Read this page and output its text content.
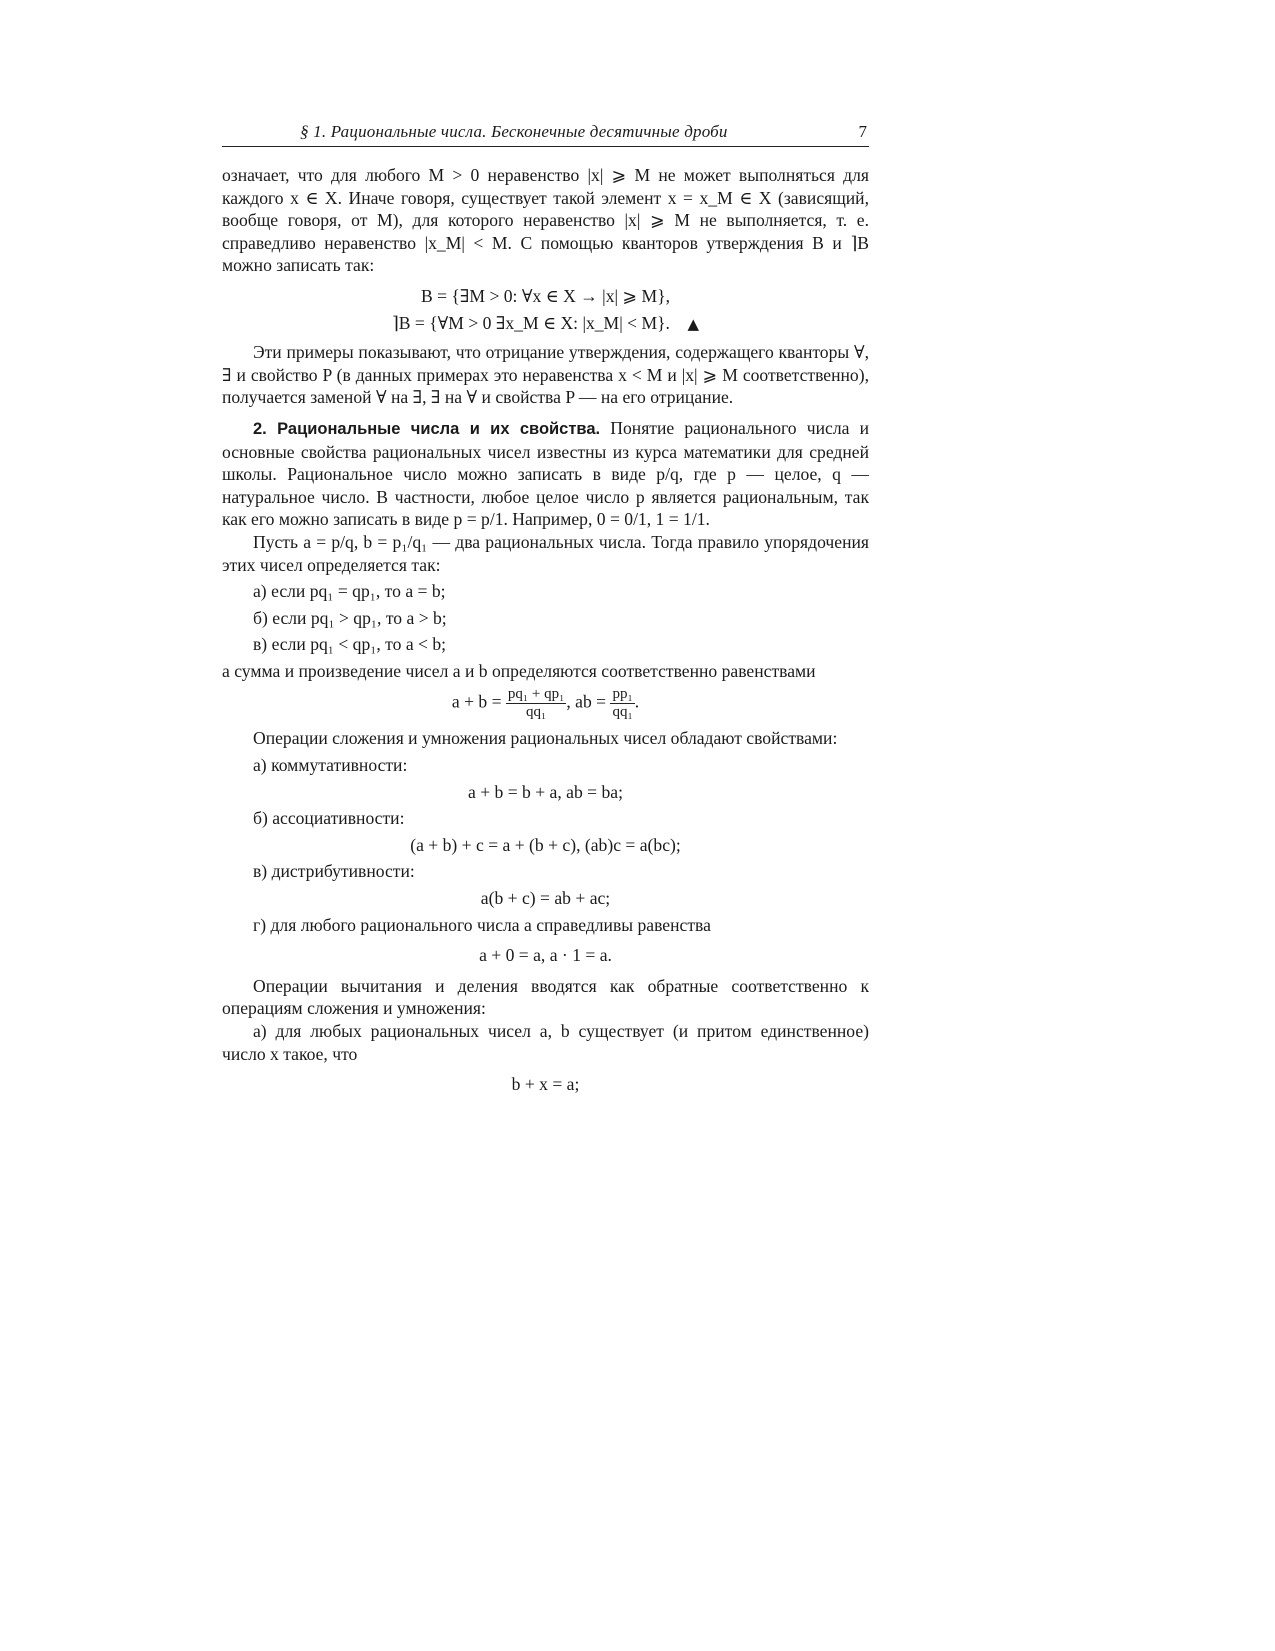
§ 1. Рациональные числа. Бесконечные десятичные дроби	7

означает, что для любого M > 0 неравенство |x| ⩾ M не может выполняться для каждого x ∈ X. Иначе говоря, существует такой элемент x = x_M ∈ X (зависящий, вообще говоря, от M), для которого неравенство |x| ⩾ M не выполняется, т. е. справедливо неравенство |x_M| < M. С помощью кванторов утверждения B и ⌉B можно записать так:

B = {∃M > 0: ∀x ∈ X → |x| ⩾ M},
⌉B = {∀M > 0 ∃x_M ∈ X: |x_M| < M}. ▲

Эти примеры показывают, что отрицание утверждения, содержащего кванторы ∀, ∃ и свойство P (в данных примерах это неравенства x < M и |x| ⩾ M соответственно), получается заменой ∀ на ∃, ∃ на ∀ и свойства P — на его отрицание.

2. Рациональные числа и их свойства. Понятие рационального числа и основные свойства рациональных чисел известны из курса математики для средней школы. Рациональное число можно записать в виде p/q, где p — целое, q — натуральное число. В частности, любое целое число p является рациональным, так как его можно записать в виде p = p/1. Например, 0 = 0/1, 1 = 1/1.

Пусть a = p/q, b = p₁/q₁ — два рациональных числа. Тогда правило упорядочения этих чисел определяется так:

а) если pq₁ = qp₁, то a = b;

б) если pq₁ > qp₁, то a > b;

в) если pq₁ < qp₁, то a < b;

а сумма и произведение чисел a и b определяются соответственно равенствами

$a + b = \frac{\text{pq₁ + qp₁}}{\text{qq₁}}$ , ab = $\frac{\text{pp₁}}{\text{qq₁}}$ .

Операции сложения и умножения рациональных чисел обладают свойствами:

а) коммутативности:

a + b = b + a, ab = ba;

б) ассоциативности:

(a + b) + c = a + (b + c), (ab)c = a(bc);

в) дистрибутивности:

a(b + c) = ab + ac;

г) для любого рационального числа a справедливы равенства

a + 0 = a, a · 1 = a.

Операции вычитания и деления вводятся как обратные соответственно к операциям сложения и умножения:

а) для любых рациональных чисел a, b существует (и притом единственное) число x такое, что

b + x = a;
